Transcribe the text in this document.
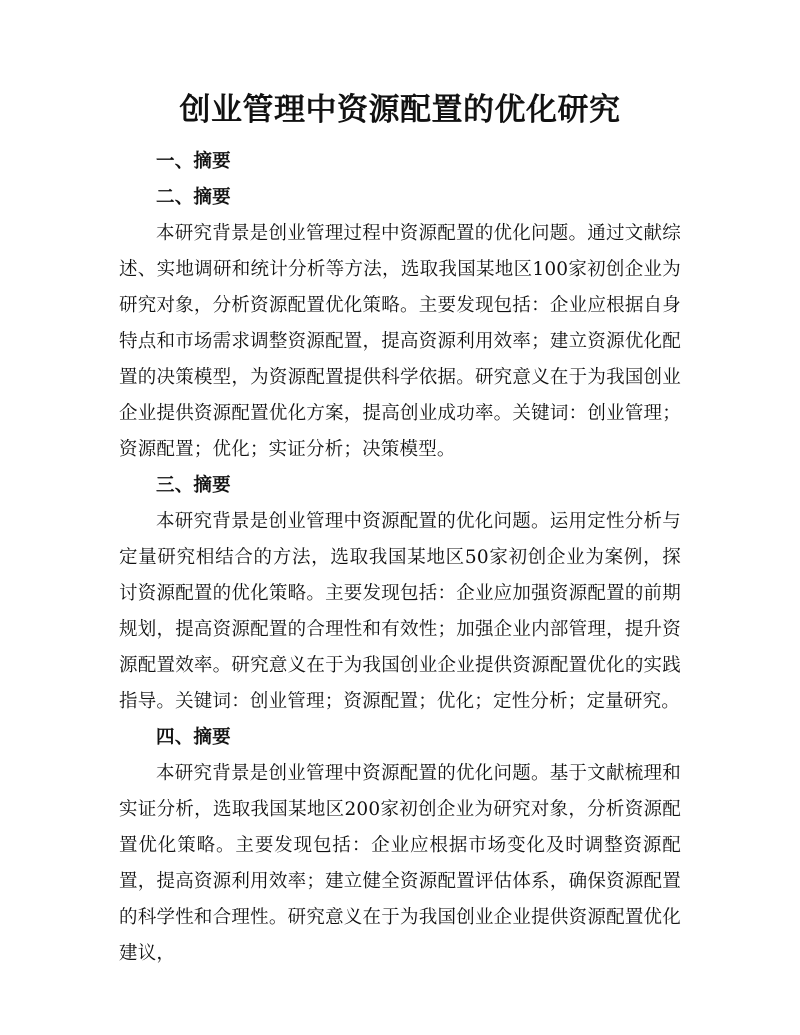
创业管理中资源配置的优化研究
一、摘要
二、摘要

本研究背景是创业管理过程中资源配置的优化问题。通过文献综述、实地调研和统计分析等方法，选取我国某地区100家初创企业为研究对象，分析资源配置优化策略。主要发现包括：企业应根据自身特点和市场需求调整资源配置，提高资源利用效率；建立资源优化配置的决策模型，为资源配置提供科学依据。研究意义在于为我国创业企业提供资源配置优化方案，提高创业成功率。关键词：创业管理；资源配置；优化；实证分析；决策模型。

三、摘要

本研究背景是创业管理中资源配置的优化问题。运用定性分析与定量研究相结合的方法，选取我国某地区50家初创企业为案例，探讨资源配置的优化策略。主要发现包括：企业应加强资源配置的前期规划，提高资源配置的合理性和有效性；加强企业内部管理，提升资源配置效率。研究意义在于为我国创业企业提供资源配置优化的实践指导。关键词：创业管理；资源配置；优化；定性分析；定量研究。

四、摘要

本研究背景是创业管理中资源配置的优化问题。基于文献梳理和实证分析，选取我国某地区200家初创企业为研究对象，分析资源配置优化策略。主要发现包括：企业应根据市场变化及时调整资源配置，提高资源利用效率；建立健全资源配置评估体系，确保资源配置的科学性和合理性。研究意义在于为我国创业企业提供资源配置优化建议，
